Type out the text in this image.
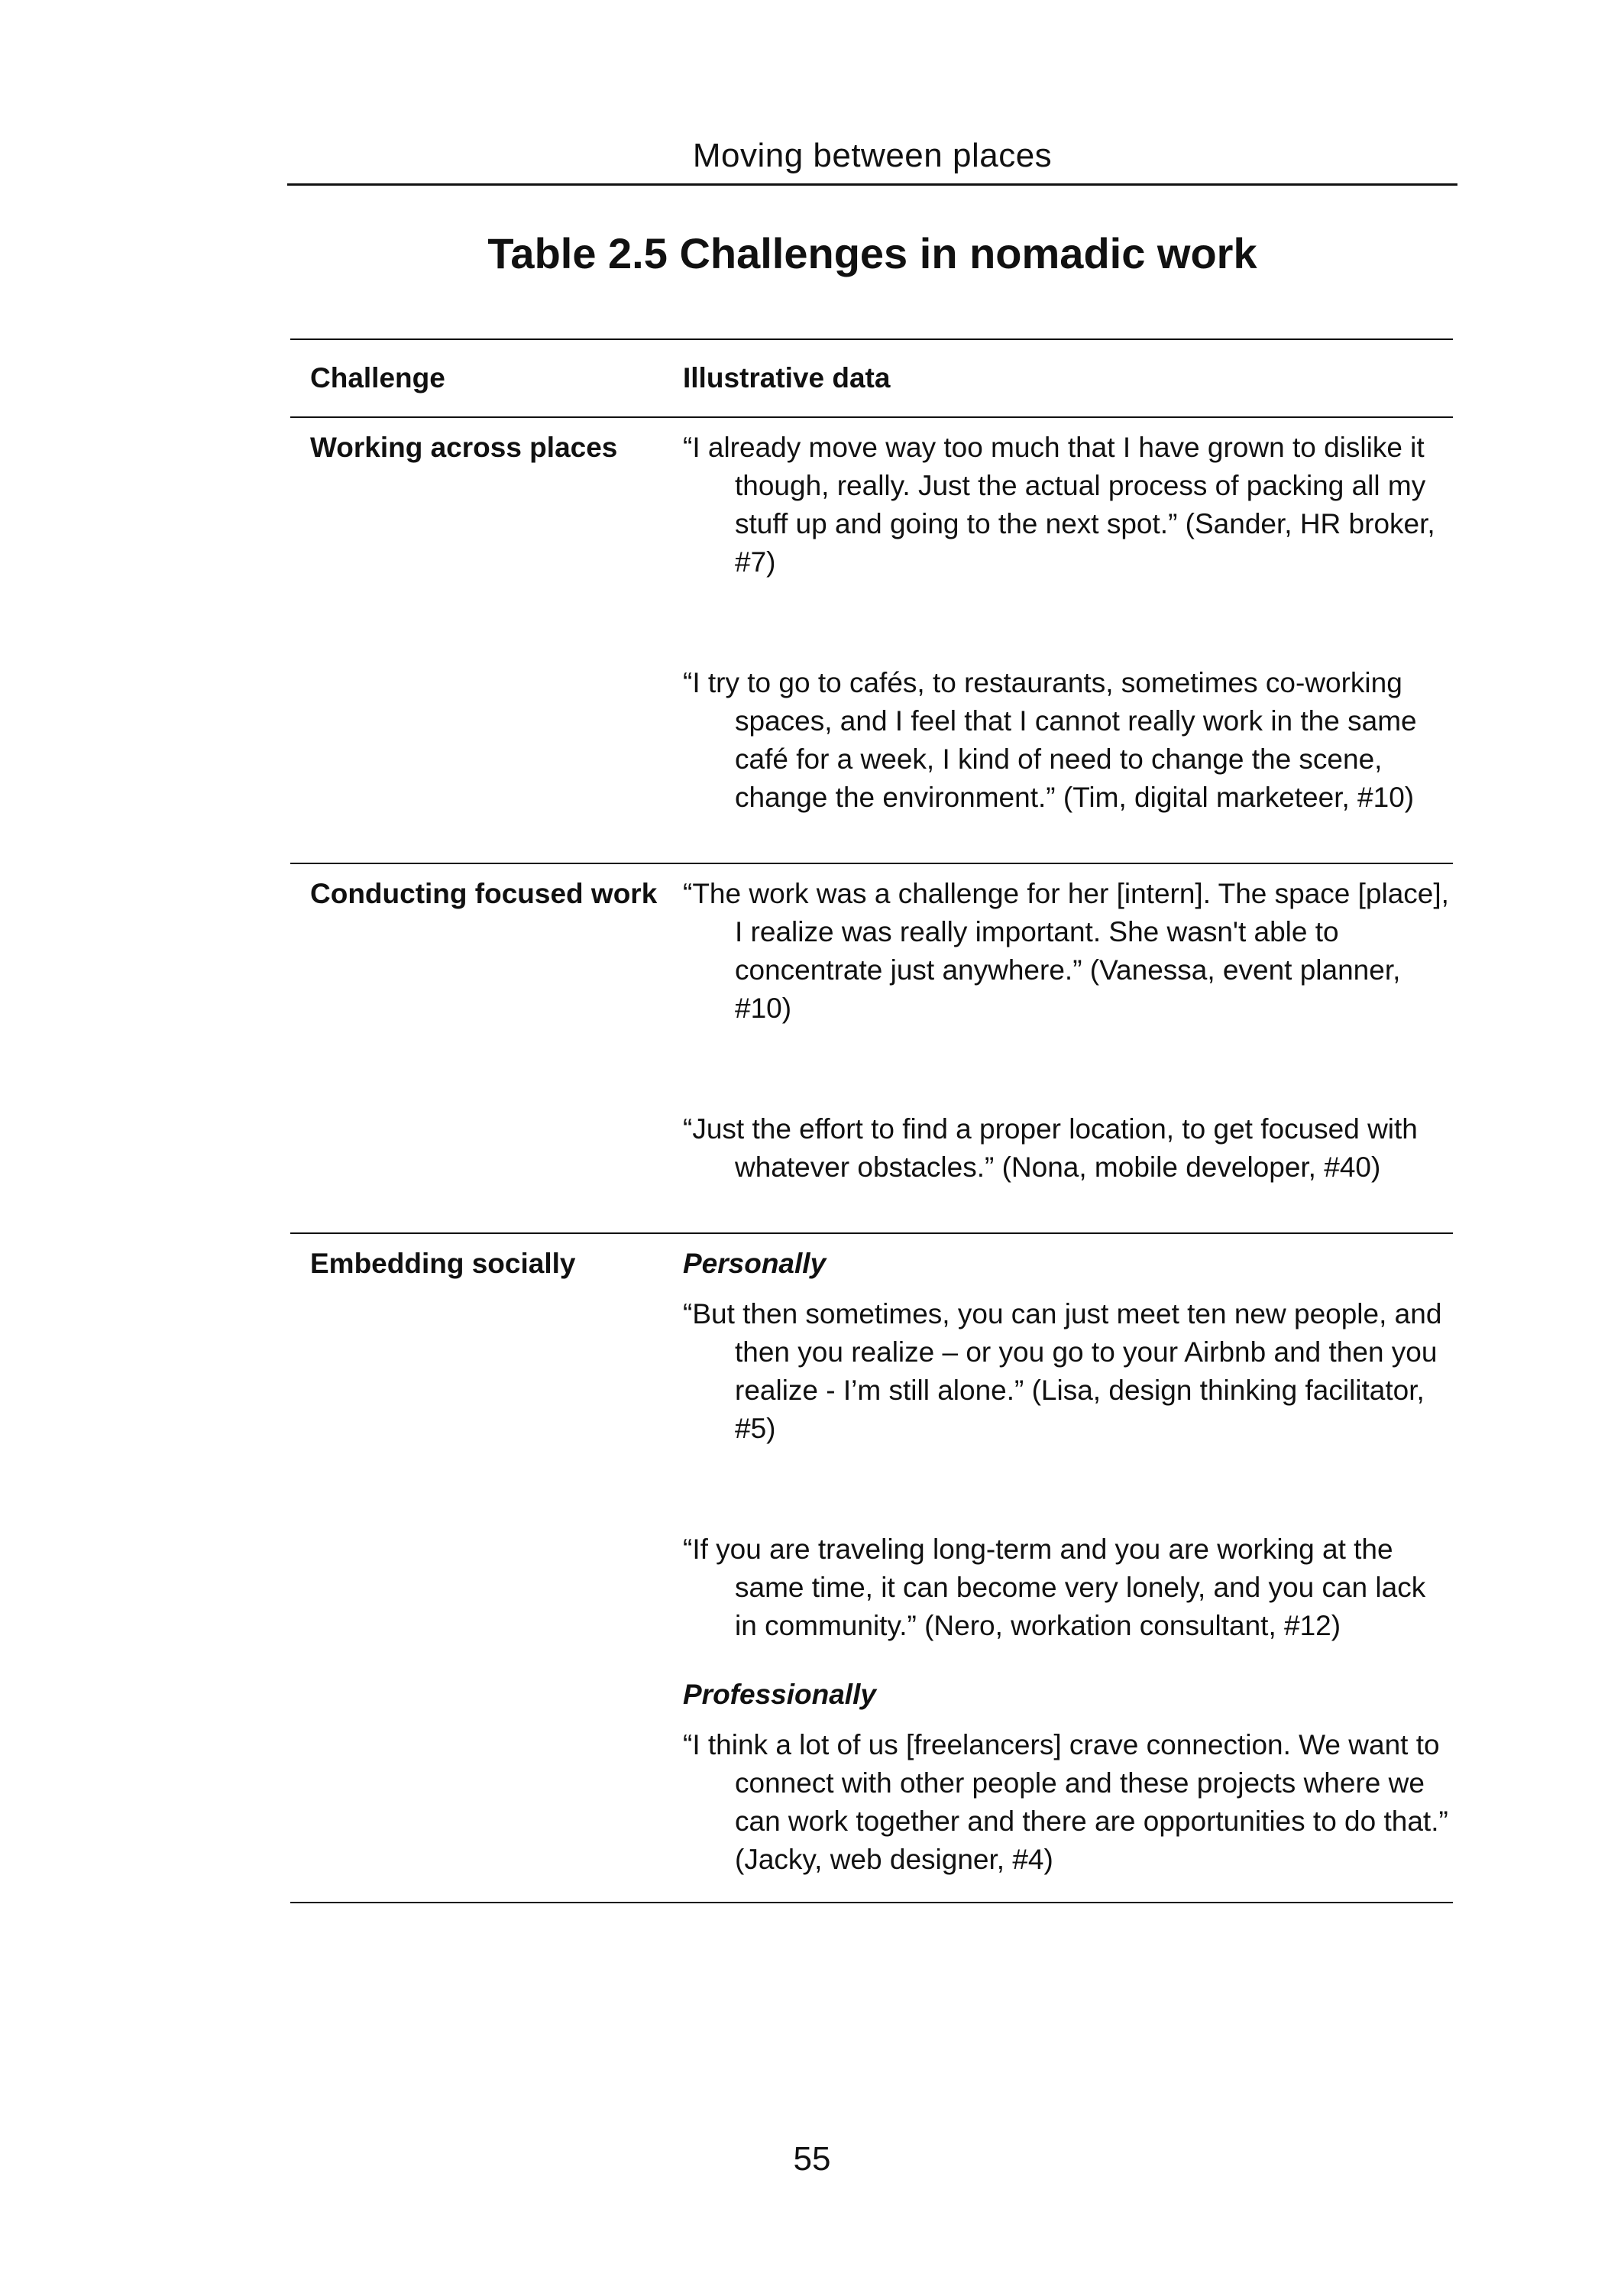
Moving between places
Table 2.5 Challenges in nomadic work
Challenge	Illustrative data
Working across places	“I already move way too much that I have grown to dislike it though, really. Just the actual process of packing all my stuff up and going to the next spot.” (Sander, HR broker, #7)

“I try to go to cafés, to restaurants, sometimes co-working spaces, and I feel that I cannot really work in the same café for a week, I kind of need to change the scene, change the environment.” (Tim, digital marketeer, #10)

Conducting focused work “The work was a challenge for her [intern]. The space [place], I realize was really important. She wasn't able to concentrate just anywhere.” (Vanessa, event planner, #10)

“Just the effort to find a proper location, to get focused with whatever obstacles.” (Nona, mobile developer, #40)

Embedding socially	Personally

“But then sometimes, you can just meet ten new people, and then you realize – or you go to your Airbnb and then you realize - I’m still alone.” (Lisa, design thinking facilitator, #5)

“If you are traveling long-term and you are working at the same time, it can become very lonely, and you can lack in community.” (Nero, workation consultant, #12)

Professionally

“I think a lot of us [freelancers] crave connection. We want to connect with other people and these projects where we can work together and there are opportunities to do that.” (Jacky, web designer, #4)

55
